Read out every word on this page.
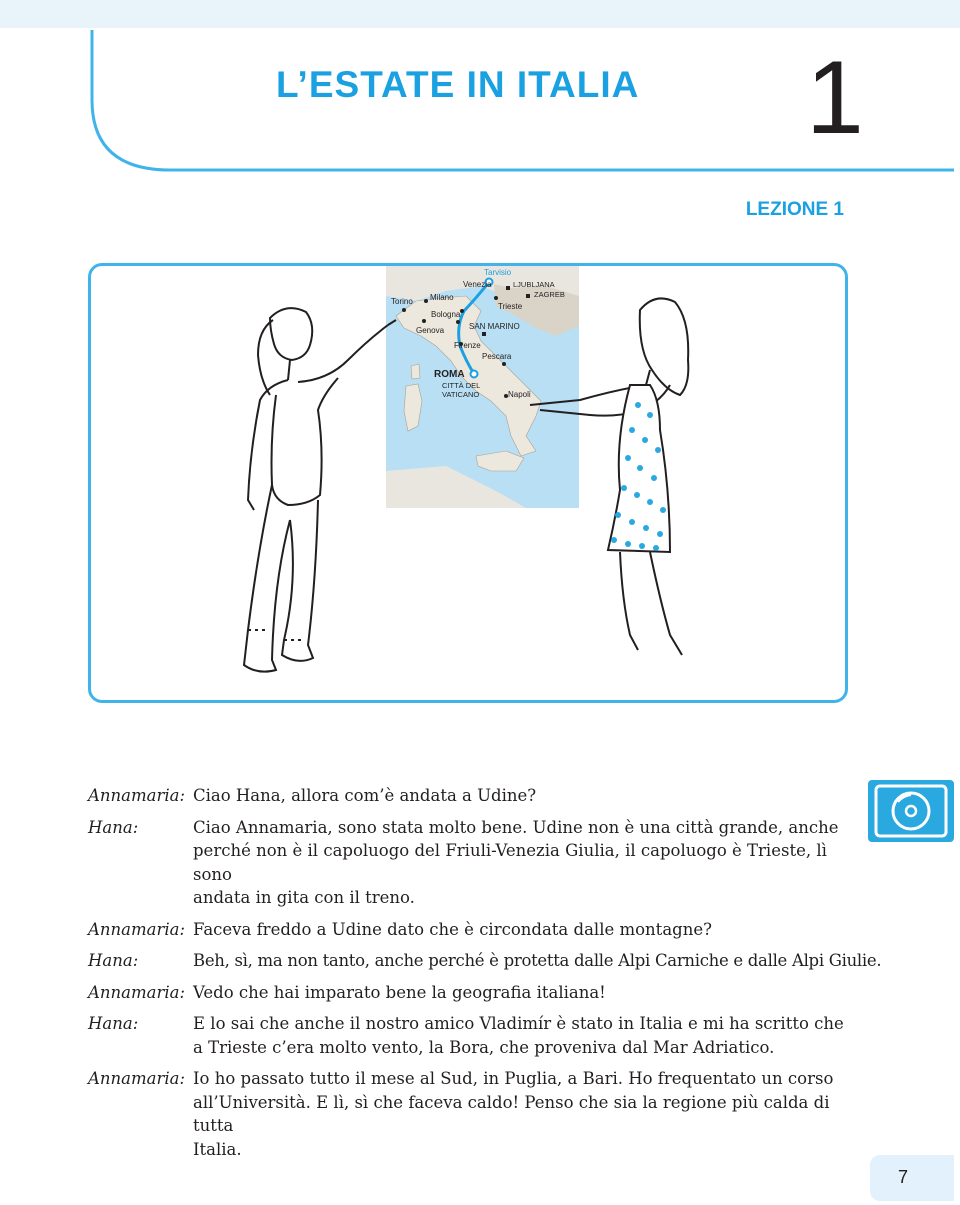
L’ESTATE IN ITALIA 1
LEZIONE 1
Tarvisio
LJUBLJANA
ZAGREB
Torino Milano
Venezia
Trieste
Bologna
Genova	SAN MARINO
Firenze
Pescara
ROMA
CITTÀ DEL
VATICANO	Napoli
Annamaria: Ciao Hana, allora com’è andata a Udine?
Hana:	Ciao Annamaria, sono stata molto bene. Udine non è una città grande, anche
perché non è il capoluogo del Friuli-Venezia Giulia, il capoluogo è Trieste, lì sono
andata in gita con il treno.
Annamaria: Faceva freddo a Udine dato che è circondata dalle montagne?
Hana:	Beh, sì, ma non tanto, anche perché è protetta dalle Alpi Carniche e dalle Alpi Giulie.
Annamaria: Vedo che hai imparato bene la geografia italiana!
Hana:	E lo sai che anche il nostro amico Vladimír è stato in Italia e mi ha scritto che
a Trieste c’era molto vento, la Bora, che proveniva dal Mar Adriatico.
Annamaria: Io ho passato tutto il mese al Sud, in Puglia, a Bari. Ho frequentato un corso
all’Università. E lì, sì che faceva caldo! Penso che sia la regione più calda di tutta
Italia.
7
